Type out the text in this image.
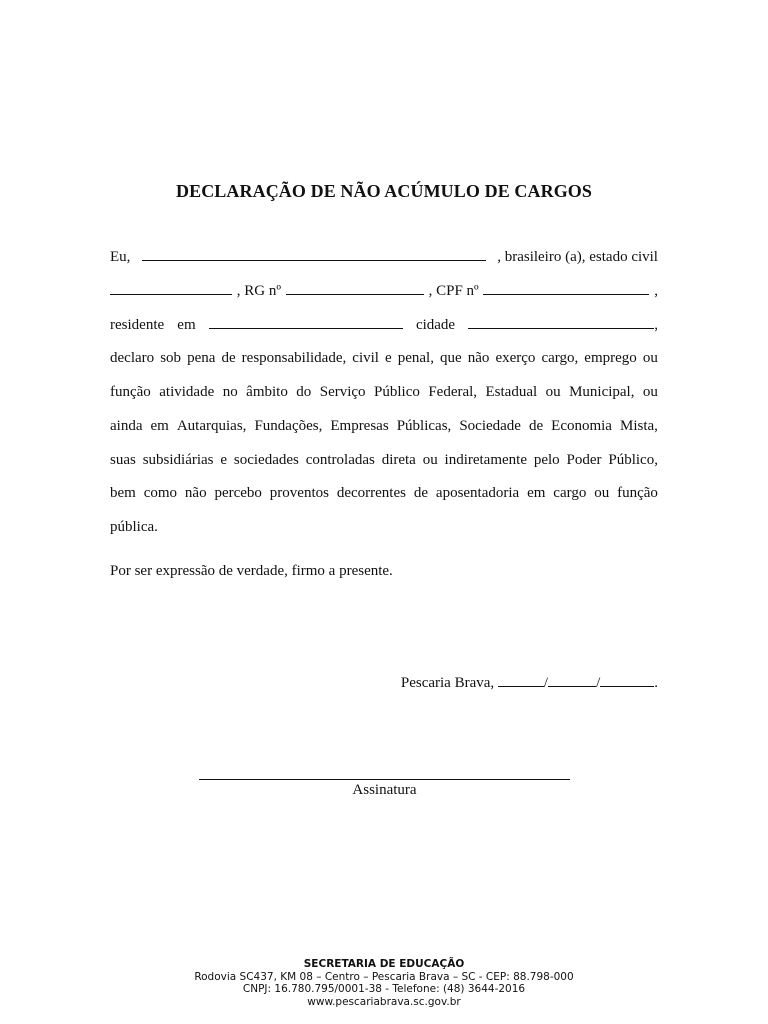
DECLARAÇÃO DE NÃO ACÚMULO DE CARGOS
Eu,	, brasileiro (a), estado civil
, RG nº	, CPF nº	,
residente em	cidade	,
declaro sob pena de responsabilidade, civil e penal, que não exerço cargo, emprego ou
função atividade no âmbito do Serviço Público Federal, Estadual ou Municipal, ou
ainda em Autarquias, Fundações, Empresas Públicas, Sociedade de Economia Mista,
suas subsidiárias e sociedades controladas direta ou indiretamente pelo Poder Público,
bem como não percebo proventos decorrentes de aposentadoria em cargo ou função
pública.
Por ser expressão de verdade, firmo a presente.
Pescaria Brava,	/	/	.
Assinatura
SECRETARIA DE EDUCAÇÃO
Rodovia SC437, KM 08 – Centro – Pescaria Brava – SC - CEP: 88.798-000
CNPJ: 16.780.795/0001-38 - Telefone: (48) 3644-2016
www.pescariabrava.sc.gov.br
